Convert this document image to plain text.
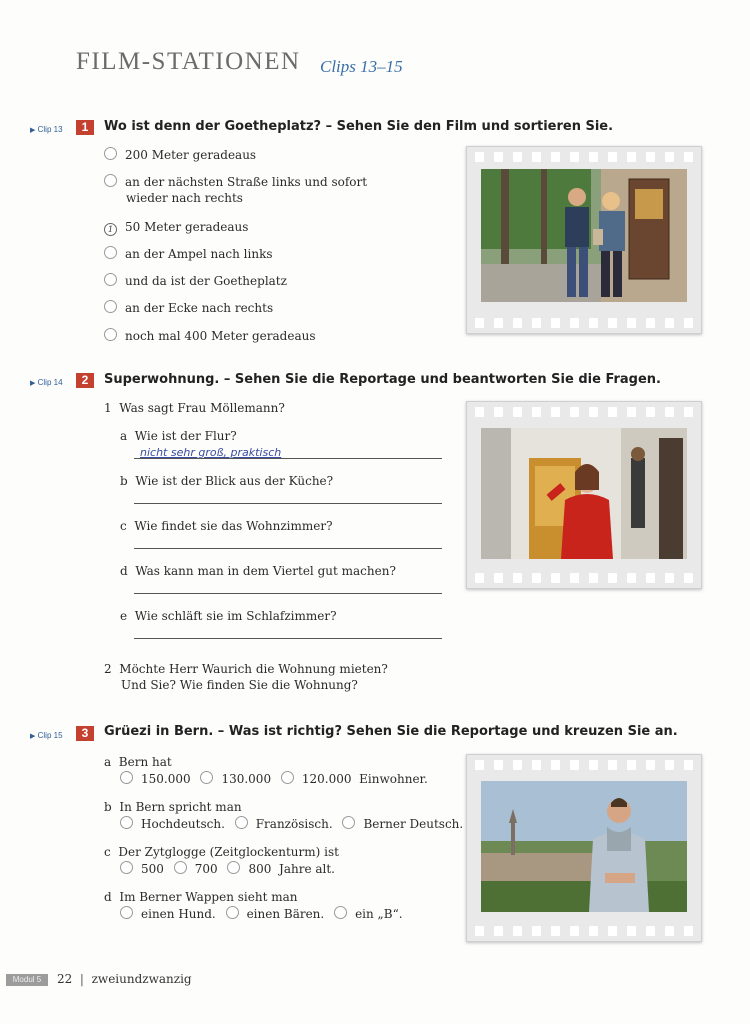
FILM-STATIONEN Clips 13–15
▶ Clip 13	1	Wo ist denn der Goetheplatz? – Sehen Sie den Film und sortieren Sie.
200 Meter geradeaus
an der nächsten Straße links und sofort
wieder nach rechts
1 50 Meter geradeaus
an der Ampel nach links
und da ist der Goetheplatz
an der Ecke nach rechts
noch mal 400 Meter geradeaus
▶ Clip 14	2	Superwohnung. – Sehen Sie die Reportage und beantworten Sie die Fragen.
1 Was sagt Frau Möllemann?
a Wie ist der Flur?
nicht sehr groß, praktisch
b Wie ist der Blick aus der Küche?
c Wie findet sie das Wohnzimmer?
d Was kann man in dem Viertel gut machen?
e Wie schläft sie im Schlafzimmer?
2 Möchte Herr Waurich die Wohnung mieten?
Und Sie? Wie finden Sie die Wohnung?
▶ Clip 15	3	Grüezi in Bern. – Was ist richtig? Sehen Sie die Reportage und kreuzen Sie an.
a Bern hat
150.000	130.000	120.000 Einwohner.
b In Bern spricht man
Hochdeutsch.	Französisch.	Berner Deutsch.
c Der Zytglogge (Zeitglockenturm) ist
500	700	800 Jahre alt.
d Im Berner Wappen sieht man
einen Hund.	einen Bären.	ein „B“.
Modul 5	22 | zweiundzwanzig
